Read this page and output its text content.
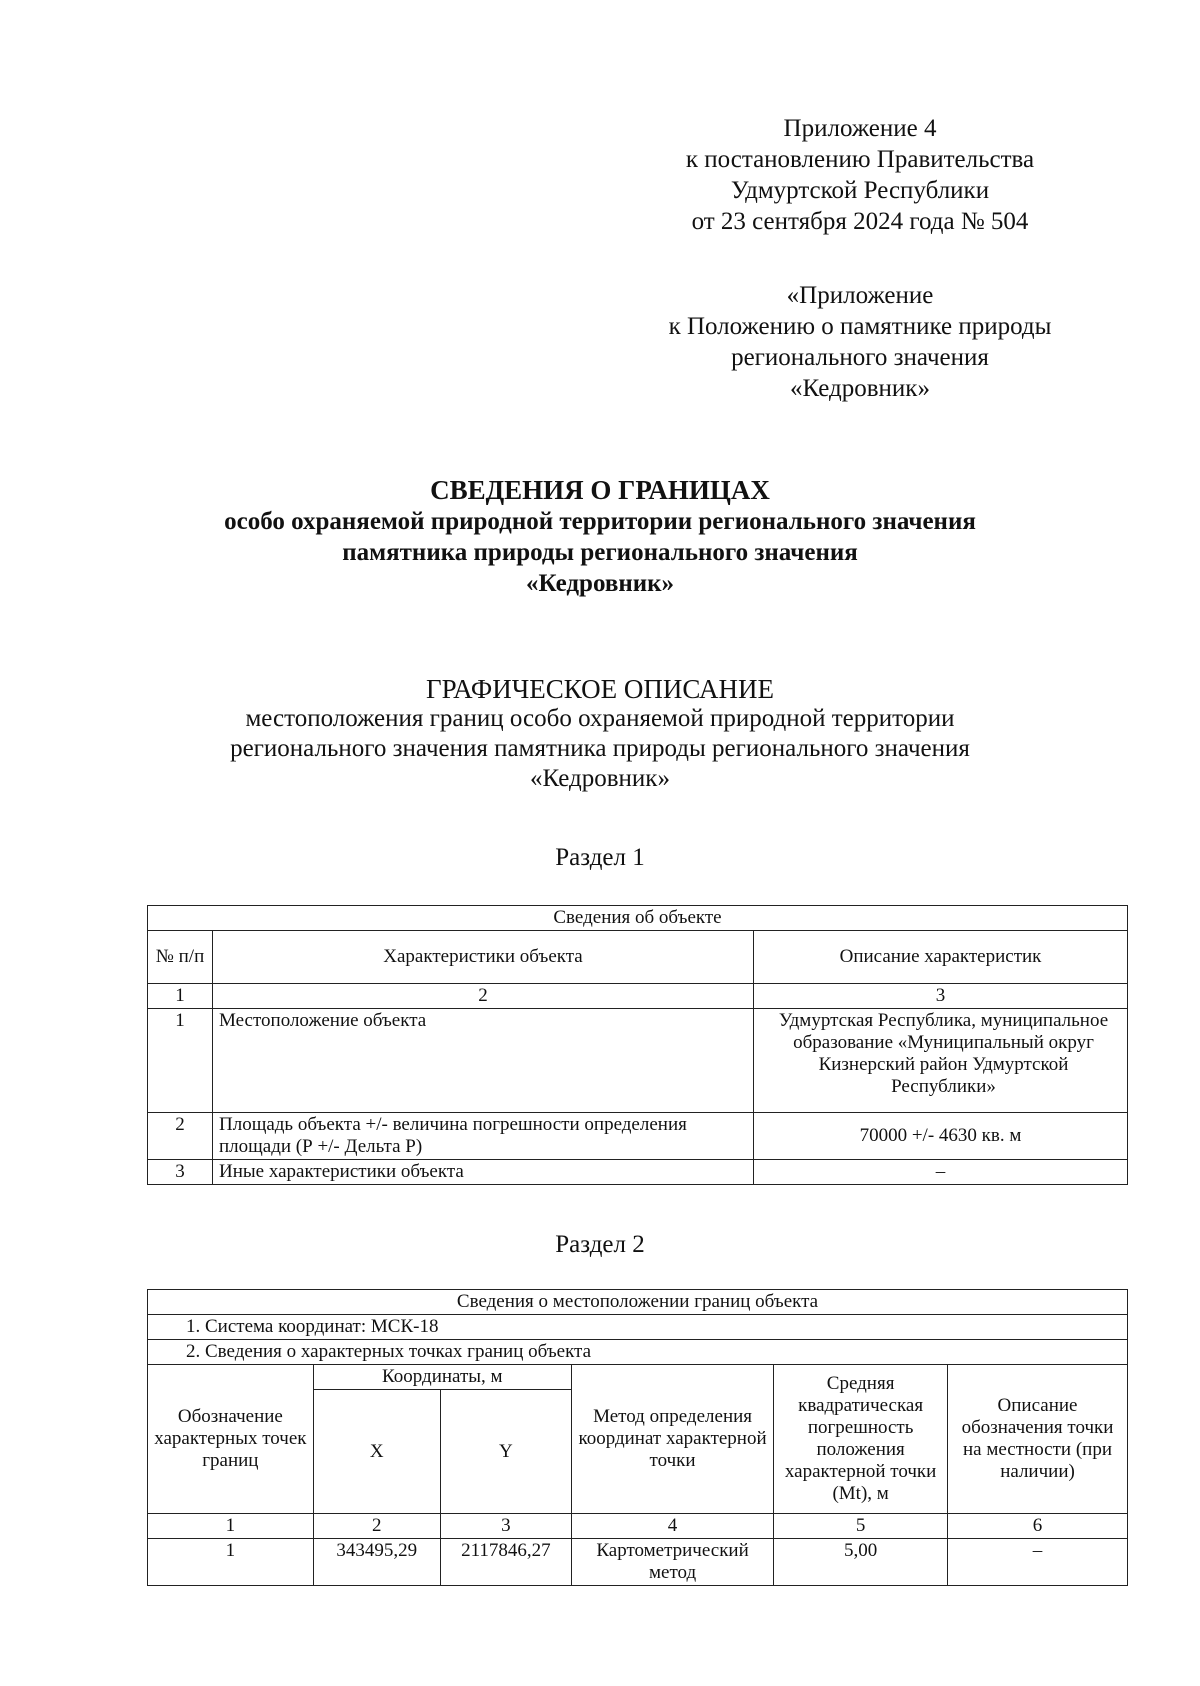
Приложение 4
к постановлению Правительства
Удмуртской Республики
от 23 сентября 2024 года № 504
«Приложение
к Положению о памятнике природы
регионального значения
«Кедровник»
СВЕДЕНИЯ О ГРАНИЦАХ
особо охраняемой природной территории регионального значения
памятника природы регионального значения
«Кедровник»
ГРАФИЧЕСКОЕ ОПИСАНИЕ
местоположения границ особо охраняемой природной территории
регионального значения памятника природы регионального значения
«Кедровник»
Раздел 1
Сведения об объекте		
№ п/п	Характеристики объекта	Описание характеристик
1	2	3
1	Местоположение объекта	Удмуртская Республика, муниципальное образование «Муниципальный округ Кизнерский район Удмуртской Республики»
2	Площадь объекта +/- величина погрешности определения площади (Р +/- Дельта Р)	70000 +/- 4630 кв. м
3	Иные характеристики объекта	–
Раздел 2
Сведения о местоположении границ объекта					
1. Система координат: МСК-18					
2. Сведения о характерных точках границ объекта					
Обозначение характерных точек границ	Координаты, м		Метод определения координат характерной точки	Средняя квадратическая погрешность положения характерной точки (Mt), м	Описание обозначения точки на местности (при наличии)
	X	Y			
1	2	3	4	5	6
1	343495,29	2117846,27	Картометрический метод	5,00	–
